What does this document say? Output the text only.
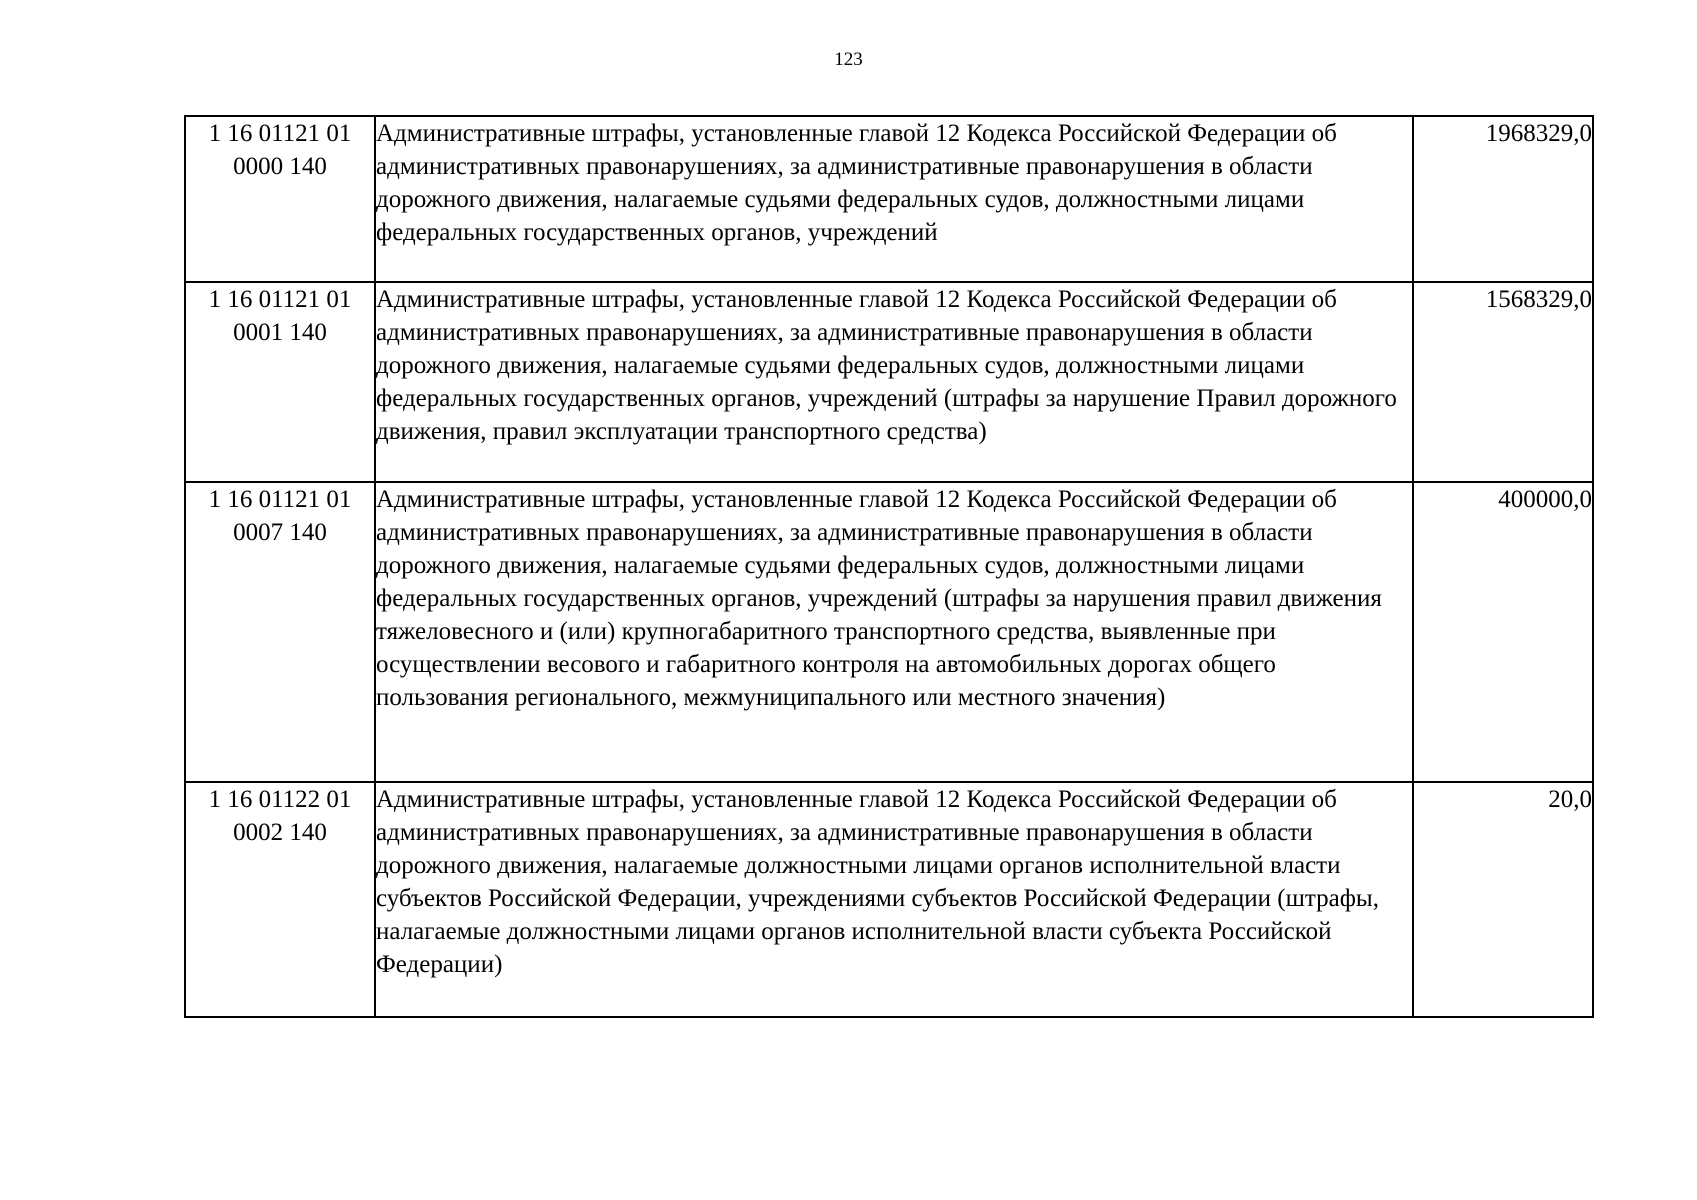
123
1 16 01121 01
0000 140	Административные штрафы, установленные главой 12 Кодекса Российской Федерации об административных правонарушениях, за административные правонарушения в области дорожного движения, налагаемые судьями федеральных судов, должностными лицами федеральных государственных органов, учреждений	1968329,0

1 16 01121 01
0001 140	Административные штрафы, установленные главой 12 Кодекса Российской Федерации об административных правонарушениях, за административные правонарушения в области дорожного движения, налагаемые судьями федеральных судов, должностными лицами федеральных государственных органов, учреждений (штрафы за нарушение Правил дорожного движения, правил эксплуатации транспортного средства)	1568329,0

1 16 01121 01
0007 140	Административные штрафы, установленные главой 12 Кодекса Российской Федерации об административных правонарушениях, за административные правонарушения в области дорожного движения, налагаемые судьями федеральных судов, должностными лицами федеральных государственных органов, учреждений (штрафы за нарушения правил движения тяжеловесного и (или) крупногабаритного транспортного средства, выявленные при осуществлении весового и габаритного контроля на автомобильных дорогах общего пользования регионального, межмуниципального или местного значения)	400000,0

1 16 01122 01
0002 140	Административные штрафы, установленные главой 12 Кодекса Российской Федерации об административных правонарушениях, за административные правонарушения в области дорожного движения, налагаемые должностными лицами органов исполнительной власти субъектов Российской Федерации, учреждениями субъектов Российской Федерации (штрафы, налагаемые должностными лицами органов исполнительной власти субъекта Российской Федерации)	20,0
